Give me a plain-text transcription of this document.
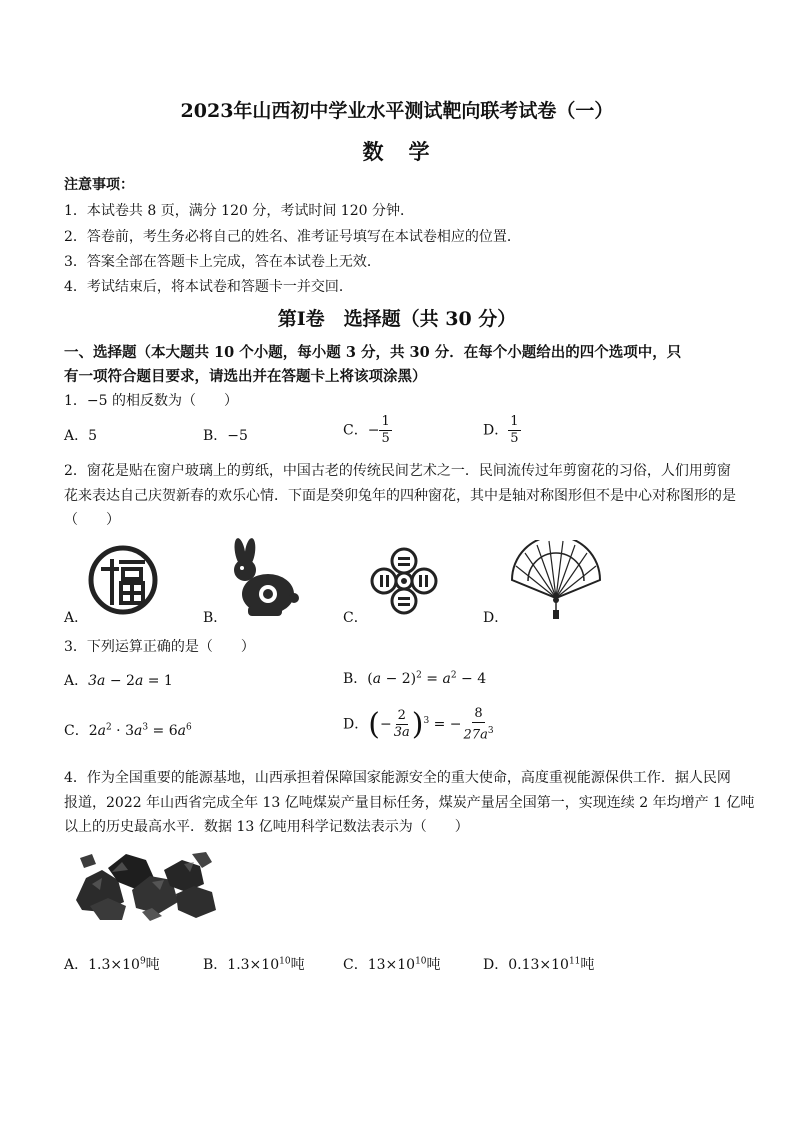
2023年山西初中学业水平测试靶向联考试卷（一）
数　学
注意事项：
1．本试卷共 8 页，满分 120 分，考试时间 120 分钟．
2．答卷前，考生务必将自己的姓名、准考证号填写在本试卷相应的位置．
3．答案全部在答题卡上完成，答在本试卷上无效．
4．考试结束后，将本试卷和答题卡一并交回．
第Ⅰ卷　选择题（共 30 分）
一、选择题（本大题共 10 个小题，每小题 3 分，共 30 分．在每个小题给出的四个选项中，只
有一项符合题目要求，请选出并在答题卡上将该项涂黑）
1．−5 的相反数为（　　）
A．5	B．−5	C．− $\frac{1}{5}$	D． $\frac{1}{5}$
2．窗花是贴在窗户玻璃上的剪纸，中国古老的传统民间艺术之一．民间流传过年剪窗花的习俗，人们用剪窗
花来表达自己庆贺新春的欢乐心情．下面是癸卯兔年的四种窗花，其中是轴对称图形但不是中心对称图形的是
（　　）
A．	B．	C．	D．
3．下列运算正确的是（　　）
A．3a − 2a = 1	B．$(a - 2)^2 = a^2 - 4$
C．$2a^2 \cdot 3a^3 = 6a^6$	D．(− $\frac{2}{3a} )^3$ = − $\frac{8}{27a^3}$
4．作为全国重要的能源基地，山西承担着保障国家能源安全的重大使命，高度重视能源保供工作．据人民网
报道，2022 年山西省完成全年 13 亿吨煤炭产量目标任务，煤炭产量居全国第一，实现连续 2 年均增产 1 亿吨
以上的历史最高水平．数据 13 亿吨用科学记数法表示为（　　）
A．$1.3\times 10^9$吨	B．$1.3\times 10^{10}$吨	C．$13\times 10^{10}$吨	D．$0.13\times 10^{11}$吨
